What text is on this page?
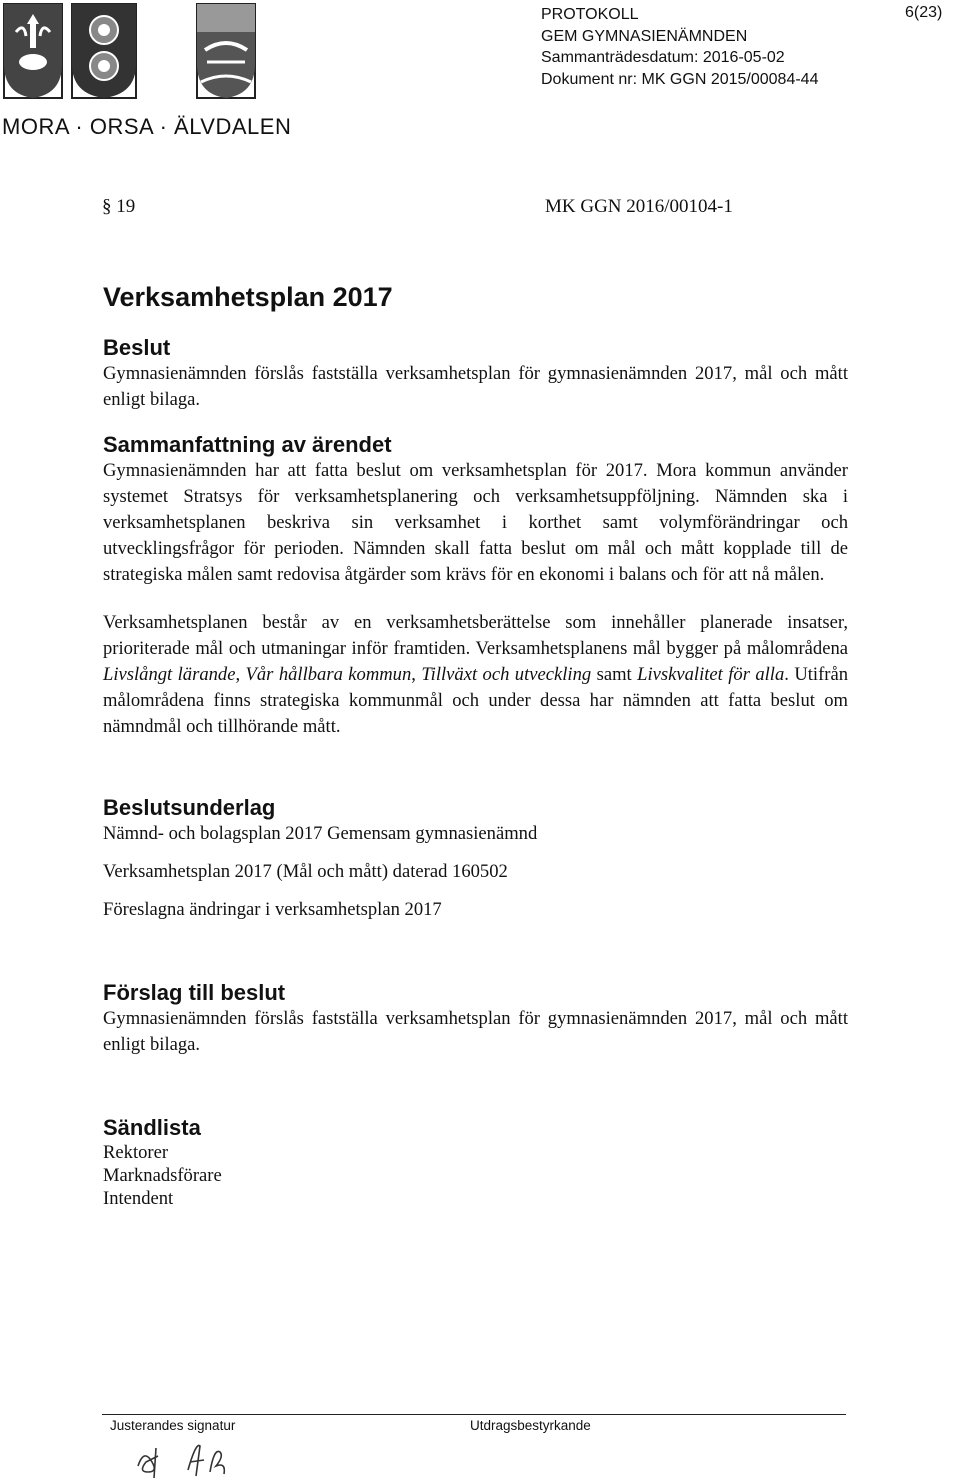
MORA · ORSA · ÄLVDALEN
PROTOKOLL
GEM GYMNASIENÄMNDEN
Sammanträdesdatum: 2016-05-02
Dokument nr: MK GGN 2015/00084-44
6(23)
§ 19	MK GGN 2016/00104-1
Verksamhetsplan 2017
Beslut
Gymnasienämnden förslås fastställa verksamhetsplan för gymnasienämnden 2017, mål och mått enligt bilaga.
Sammanfattning av ärendet
Gymnasienämnden har att fatta beslut om verksamhetsplan för 2017. Mora kommun använder systemet Stratsys för verksamhetsplanering och verksamhetsuppföljning. Nämnden ska i verksamhetsplanen beskriva sin verksamhet i korthet samt volymförändringar och utvecklingsfrågor för perioden. Nämnden skall fatta beslut om mål och mått kopplade till de strategiska målen samt redovisa åtgärder som krävs för en ekonomi i balans och för att nå målen.
Verksamhetsplanen består av en verksamhetsberättelse som innehåller planerade insatser, prioriterade mål och utmaningar inför framtiden. Verksamhetsplanens mål bygger på målområdena Livslångt lärande, Vår hållbara kommun, Tillväxt och utveckling samt Livskvalitet för alla. Utifrån målområdena finns strategiska kommunmål och under dessa har nämnden att fatta beslut om nämndmål och tillhörande mått.
Beslutsunderlag
Nämnd- och bolagsplan 2017 Gemensam gymnasienämnd
Verksamhetsplan 2017 (Mål och mått) daterad 160502
Föreslagna ändringar i verksamhetsplan 2017
Förslag till beslut
Gymnasienämnden förslås fastställa verksamhetsplan för gymnasienämnden 2017, mål och mått enligt bilaga.
Sändlista
Rektorer
Marknadsförare
Intendent
Justerandes signatur	Utdragsbestyrkande
